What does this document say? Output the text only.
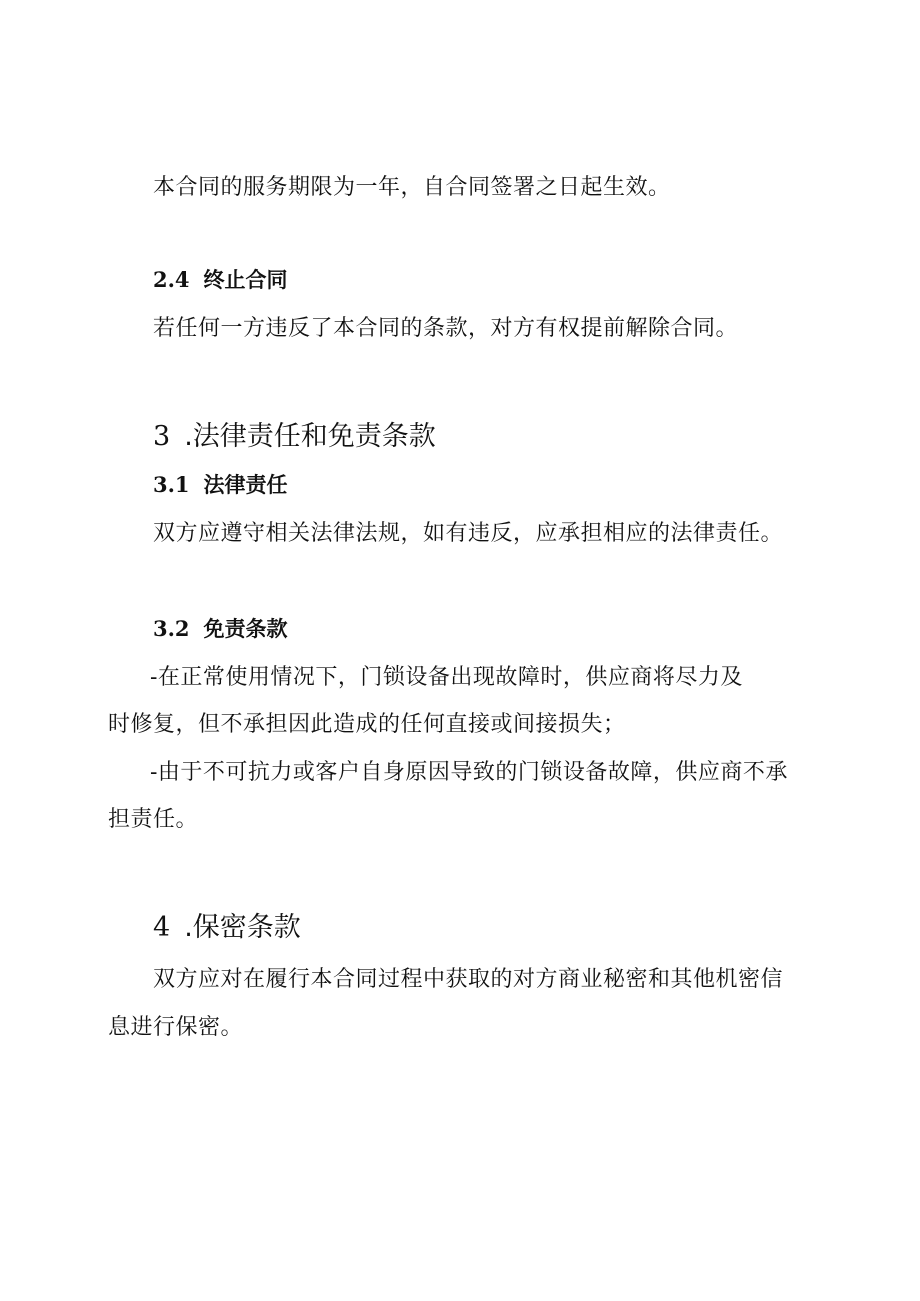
本合同的服务期限为一年，自合同签署之日起生效。
2.4 终止合同
若任何一方违反了本合同的条款，对方有权提前解除合同。
3 .法律责任和免责条款
3.1 法律责任
双方应遵守相关法律法规，如有违反，应承担相应的法律责任。
3.2 免责条款
-在正常使用情况下，门锁设备出现故障时，供应商将尽力及
时修复，但不承担因此造成的任何直接或间接损失；
-由于不可抗力或客户自身原因导致的门锁设备故障，供应商不承
担责任。
4 .保密条款
双方应对在履行本合同过程中获取的对方商业秘密和其他机密信
息进行保密。
